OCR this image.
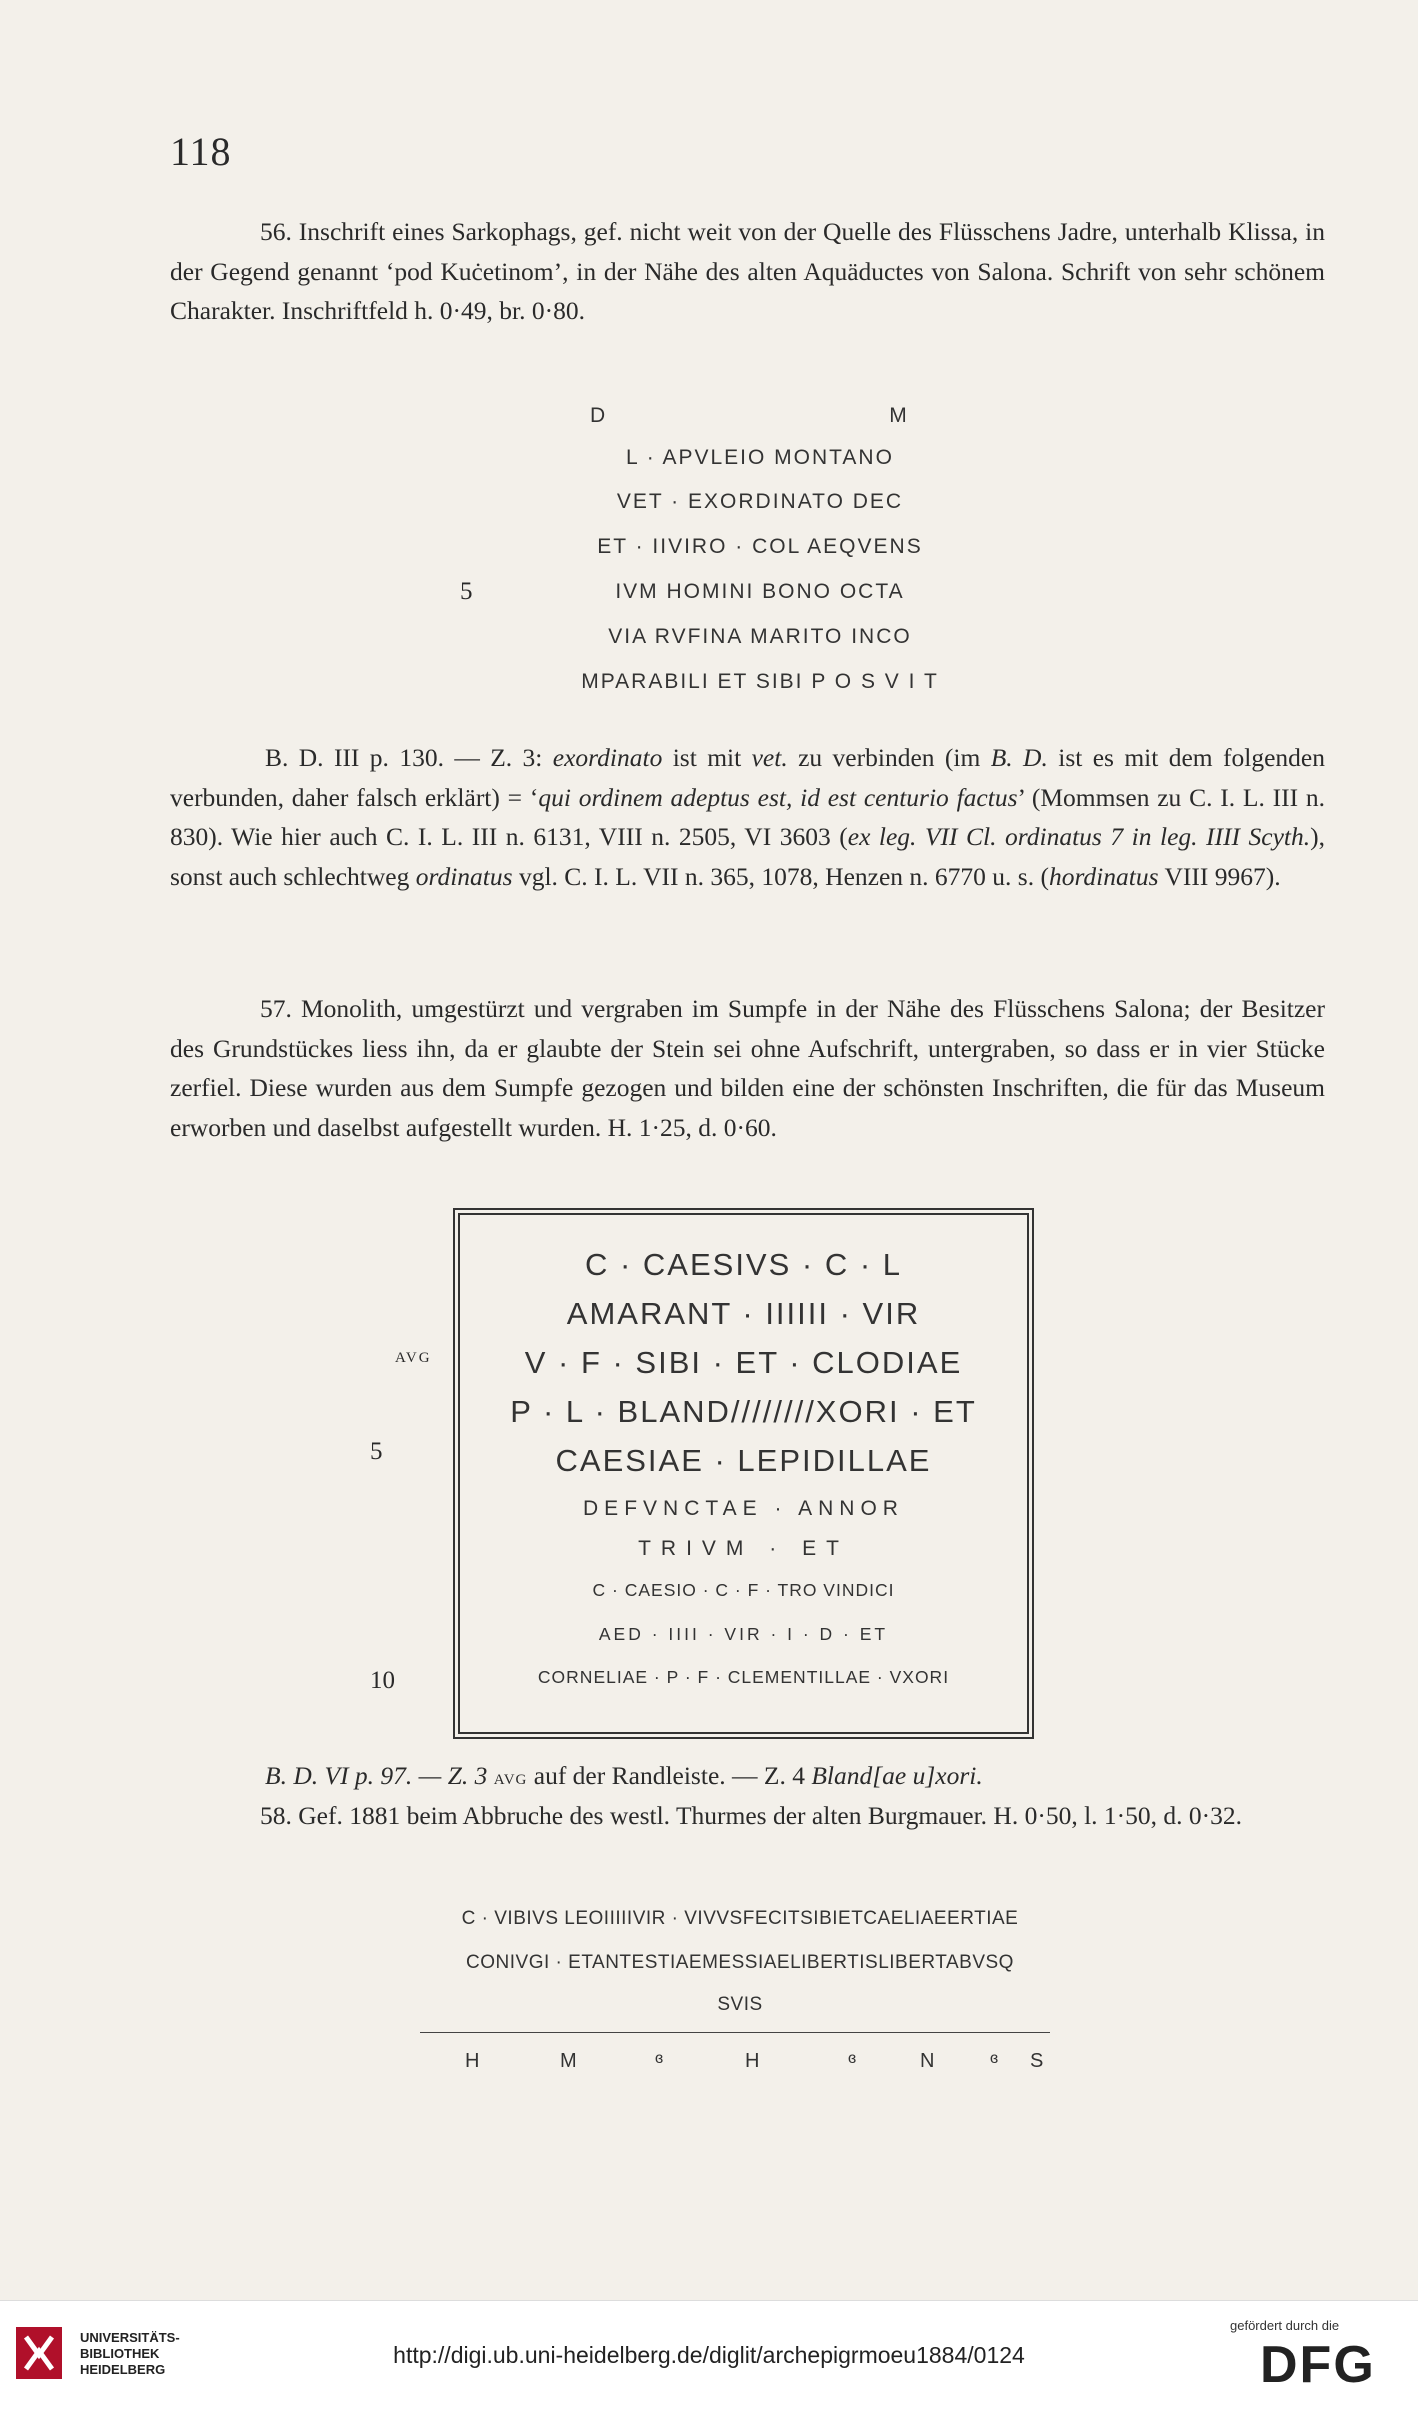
118
56. Inschrift eines Sarkophags, gef. nicht weit von der Quelle des Flüsschens Jadre, unterhalb Klissa, in der Gegend genannt ‘pod Kuċetinom’, in der Nähe des alten Aquäductes von Salona. Schrift von sehr schönem Charakter. Inschriftfeld h. 0·49, br. 0·80.
D                                    M
L · APVLEIO MONTANO
VET · EXORDINATO DEC
ET · IIVIRO · COL AEQVENS
IVM HOMINI BONO OCTA
5
VIA RVFINA MARITO INCO
MPARABILI ET SIBI P O S V I T
B. D. III p. 130. — Z. 3: exordinato ist mit vet. zu verbinden (im B. D. ist es mit dem folgenden verbunden, daher falsch erklärt) = ‘qui ordinem adeptus est, id est centurio factus’ (Mommsen zu C. I. L. III n. 830). Wie hier auch C. I. L. III n. 6131, VIII n. 2505, VI 3603 (ex leg. VII Cl. ordinatus 7 in leg. IIII Scyth.), sonst auch schlechtweg ordinatus vgl. C. I. L. VII n. 365, 1078, Henzen n. 6770 u. s. (hordinatus VIII 9967).
57. Monolith, umgestürzt und vergraben im Sumpfe in der Nähe des Flüsschens Salona; der Besitzer des Grundstückes liess ihn, da er glaubte der Stein sei ohne Aufschrift, untergraben, so dass er in vier Stücke zerfiel. Diese wurden aus dem Sumpfe gezogen und bilden eine der schönsten Inschriften, die für das Museum erworben und daselbst aufgestellt wurden. H. 1·25, d. 0·60.
C · CAESIVS · C · L
AMARANT · IIIIII · VIR
V · F · SIBI · ET · CLODIAE
P · L · BLAND////////XORI · ET
CAESIAE · LEPIDILLAE
DEFVNCTAE · ANNOR
TRIVM · ET
C · CAESIO · C · F · TRO VINDICI
AED · IIII · VIR · I · D · ET
CORNELIAE · P · F · CLEMENTILLAE · VXORI
AVG
5
10
B. D. VI p. 97. — Z. 3 AVG auf der Randleiste. — Z. 4 Bland[ae u]xori.
58. Gef. 1881 beim Abbruche des westl. Thurmes der alten Burgmauer. H. 0·50, l. 1·50, d. 0·32.
C · VIBIVS LEOIIIIIVIR · VIVVSFECITSIBIETCAELIAEERTIAE
CONIVGI · ETANTESTIAEMESSIAELIBERTISLIBERTABVSQ
SVIS
H	M	ɞ	H	ɞ	N	ɞ S
UNIVERSITÄTS-
BIBLIOTHEK
HEIDELBERG
http://digi.ub.uni-heidelberg.de/diglit/archepigrmoeu1884/0124
gefördert durch die
DFG
